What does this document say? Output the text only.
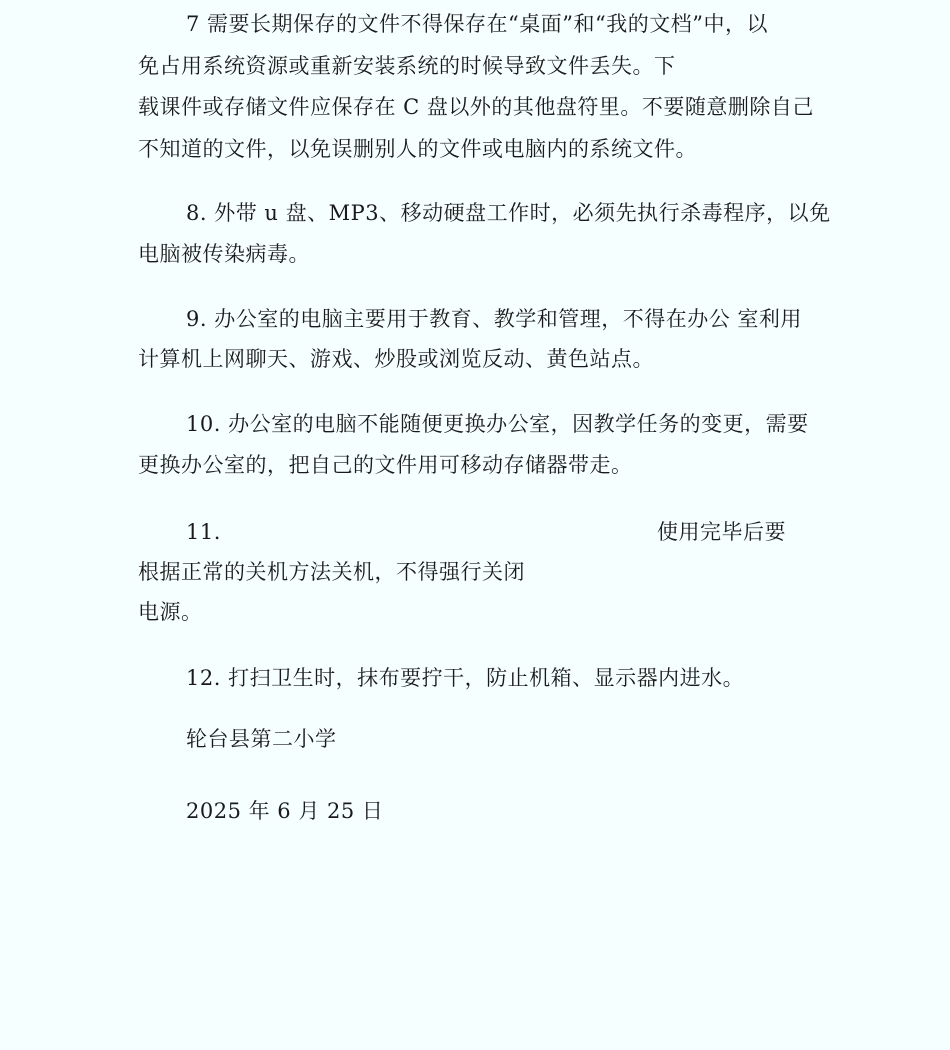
7 需要长期保存的文件不得保存在“桌面”和“我的文档”中，以
免占用系统资源或重新安装系统的时候导致文件丢失。下
载课件或存储文件应保存在 C 盘以外的其他盘符里。不要随意删除自己
不知道的文件，以免误删别人的文件或电脑内的系统文件。
8. 外带 u 盘、MP3、移动硬盘工作时，必须先执行杀毒程序，以免
电脑被传染病毒。
9. 办公室的电脑主要用于教育、教学和管理，不得在办公 室利用
计算机上网聊天、游戏、炒股或浏览反动、黄色站点。
10. 办公室的电脑不能随便更换办公室，因教学任务的变更，需要
更换办公室的，把自己的文件用可移动存储器带走。
11.	使用完毕后要
根据正常的关机方法关机，不得强行关闭
电源。
12. 打扫卫生时，抹布要拧干，防止机箱、显示器内进水。
轮台县第二小学
2025 年 6 月 25 日
